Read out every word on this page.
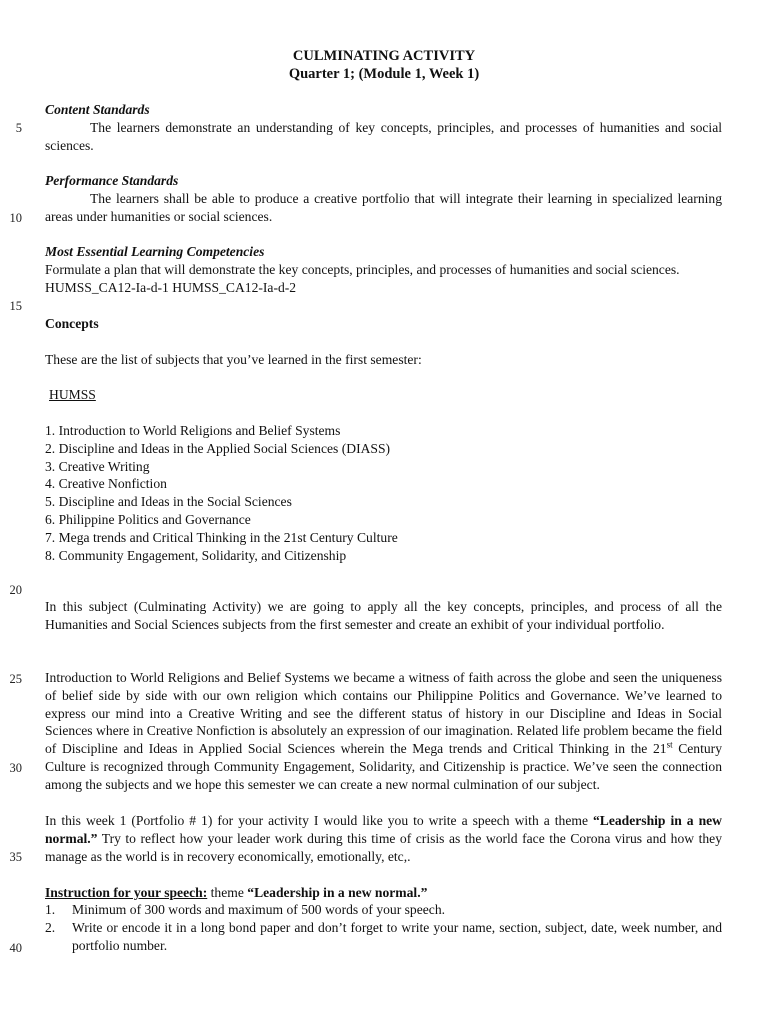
CULMINATING ACTIVITY
Quarter 1; (Module 1, Week 1)
5
10
15
20
25
30
35
40
Content Standards

The learners demonstrate an understanding of key concepts, principles, and processes of humanities and social sciences.

Performance Standards

The learners shall be able to produce a creative portfolio that will integrate their learning in specialized learning areas under humanities or social sciences.

Most Essential Learning Competencies

Formulate a plan that will demonstrate the key concepts, principles, and processes of humanities and social sciences. HUMSS_CA12-Ia-d-1 HUMSS_CA12-Ia-d-2

Concepts
These are the list of subjects that you’ve learned in the first semester:
HUMSS
1. Introduction to World Religions and Belief Systems
2. Discipline and Ideas in the Applied Social Sciences (DIASS)
3. Creative Writing
4. Creative Nonfiction
5. Discipline and Ideas in the Social Sciences
6. Philippine Politics and Governance
7. Mega trends and Critical Thinking in the 21st Century Culture
8. Community Engagement, Solidarity, and Citizenship

In this subject (Culminating Activity) we are going to apply all the key concepts, principles, and process of all the Humanities and Social Sciences subjects from the first semester and create an exhibit of your individual portfolio.

Introduction to World Religions and Belief Systems we became a witness of faith across the globe and seen the uniqueness of belief side by side with our own religion which contains our Philippine Politics and Governance. We’ve learned to express our mind into a Creative Writing and see the different status of history in our Discipline and Ideas in Social Sciences where in Creative Nonfiction is absolutely an expression of our imagination. Related life problem became the field of Discipline and Ideas in Applied Social Sciences wherein the Mega trends and Critical Thinking in the 21st Century Culture is recognized through Community Engagement, Solidarity, and Citizenship is practice. We’ve seen the connection among the subjects and we hope this semester we can create a new normal culmination of our subject.

In this week 1 (Portfolio # 1) for your activity I would like you to write a speech with a theme “Leadership in a new normal.” Try to reflect how your leader work during this time of crisis as the world face the Corona virus and how they manage as the world is in recovery economically, emotionally, etc,.

Instruction for your speech: theme “Leadership in a new normal.”
1. Minimum of 300 words and maximum of 500 words of your speech.
2. Write or encode it in a long bond paper and don’t forget to write your name, section, subject, date, week number, and portfolio number.
